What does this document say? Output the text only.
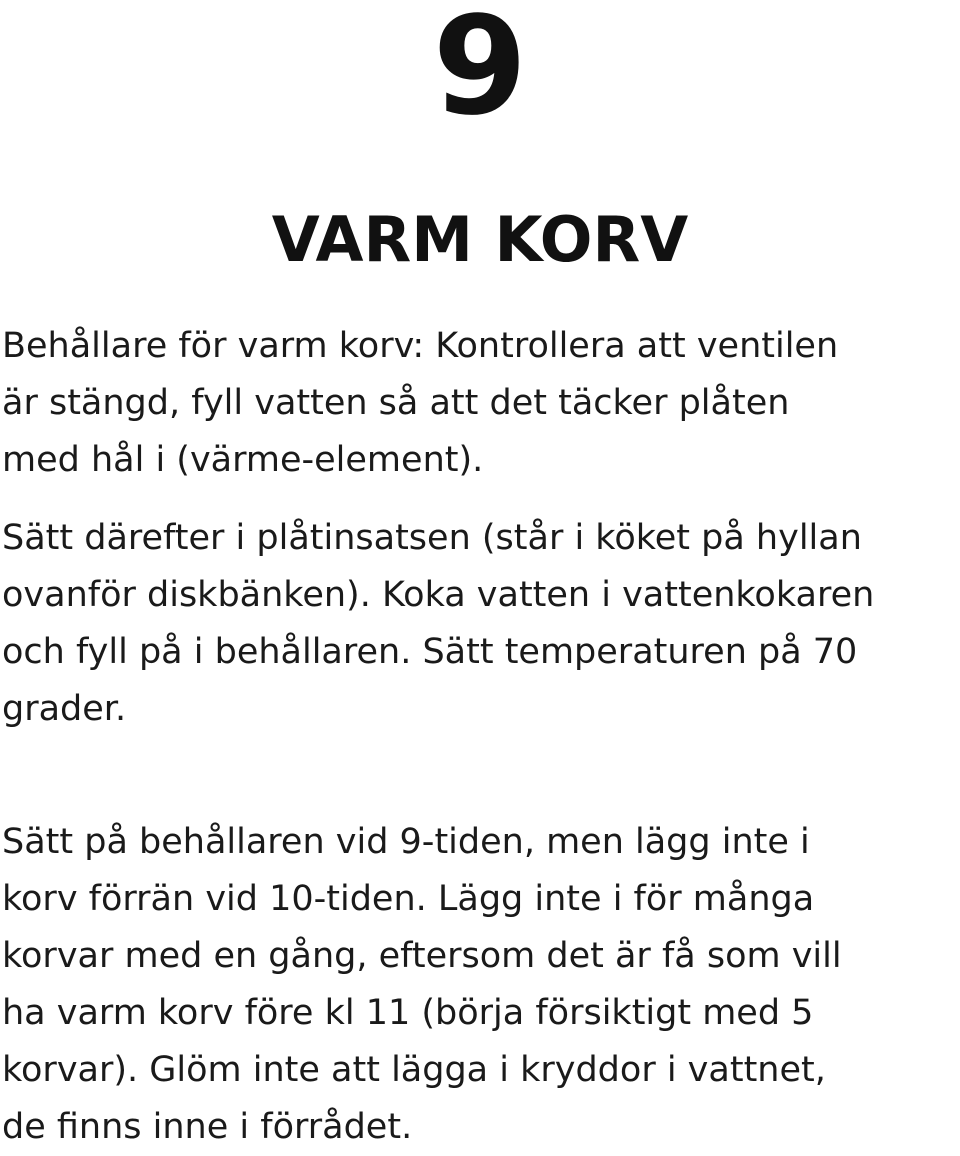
9
VARM KORV

Behållare för varm korv: Kontrollera att ventilen
är stängd, fyll vatten så att det täcker plåten
med hål i (värme-element).

Sätt därefter i plåtinsatsen (står i köket på hyllan
ovanför diskbänken). Koka vatten i vattenkokaren
och fyll på i behållaren. Sätt temperaturen på 70
grader.

Sätt på behållaren vid 9-tiden, men lägg inte i
korv förrän vid 10-tiden. Lägg inte i för många
korvar med en gång, eftersom det är få som vill
ha varm korv före kl 11 (börja försiktigt med 5
korvar). Glöm inte att lägga i kryddor i vattnet,
de finns inne i förrådet.
